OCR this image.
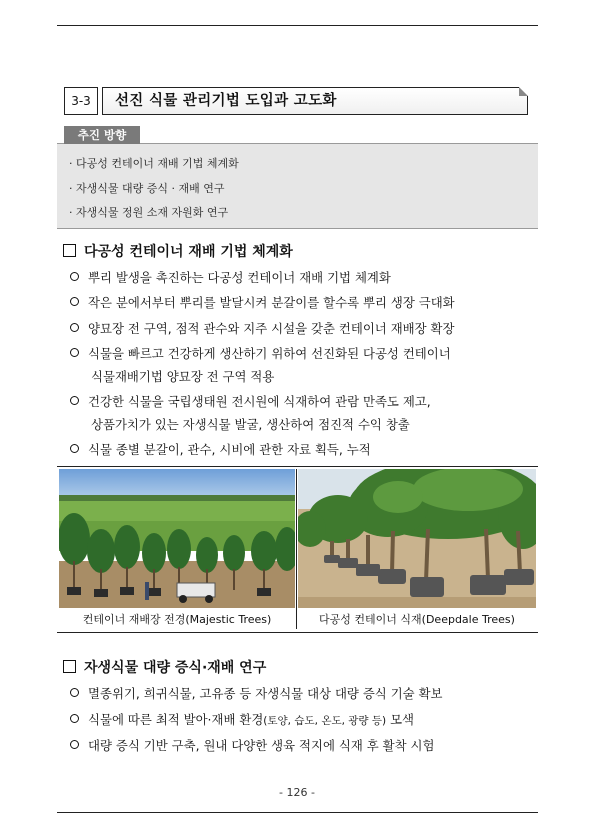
3-3	선진 식물 관리기법 도입과 고도화
· 다공성 컨테이너 재배 기법 체계화
· 자생식물 대량 증식 · 재배 연구
· 자생식물 정원 소재 자원화 연구
추진 방향
다공성 컨테이너 재배 기법 체계화
뿌리 발생을 촉진하는 다공성 컨테이너 재배 기법 체계화
작은 분에서부터 뿌리를 발달시켜 분갈이를 할수록 뿌리 생장 극대화
양묘장 전 구역, 점적 관수와 지주 시설을 갖춘 컨테이너 재배장 확장
식물을 빠르고 건강하게 생산하기 위하여 선진화된 다공성 컨테이너
식물재배기법 양묘장 전 구역 적용
건강한 식물을 국립생태원 전시원에 식재하여 관람 만족도 제고,
상품가치가 있는 자생식물 발굴, 생산하여 점진적 수익 창출
식물 종별 분갈이, 관수, 시비에 관한 자료 획득, 누적
컨테이너 재배장 전경(Majestic Trees)	다공성 컨테이너 식재(Deepdale Trees)
자생식물 대량 증식·재배 연구
멸종위기, 희귀식물, 고유종 등 자생식물 대상 대량 증식 기술 확보
식물에 따른 최적 발아·재배 환경(토양, 습도, 온도, 광량 등) 모색
대량 증식 기반 구축, 원내 다양한 생육 적지에 식재 후 활착 시험
- 126 -
